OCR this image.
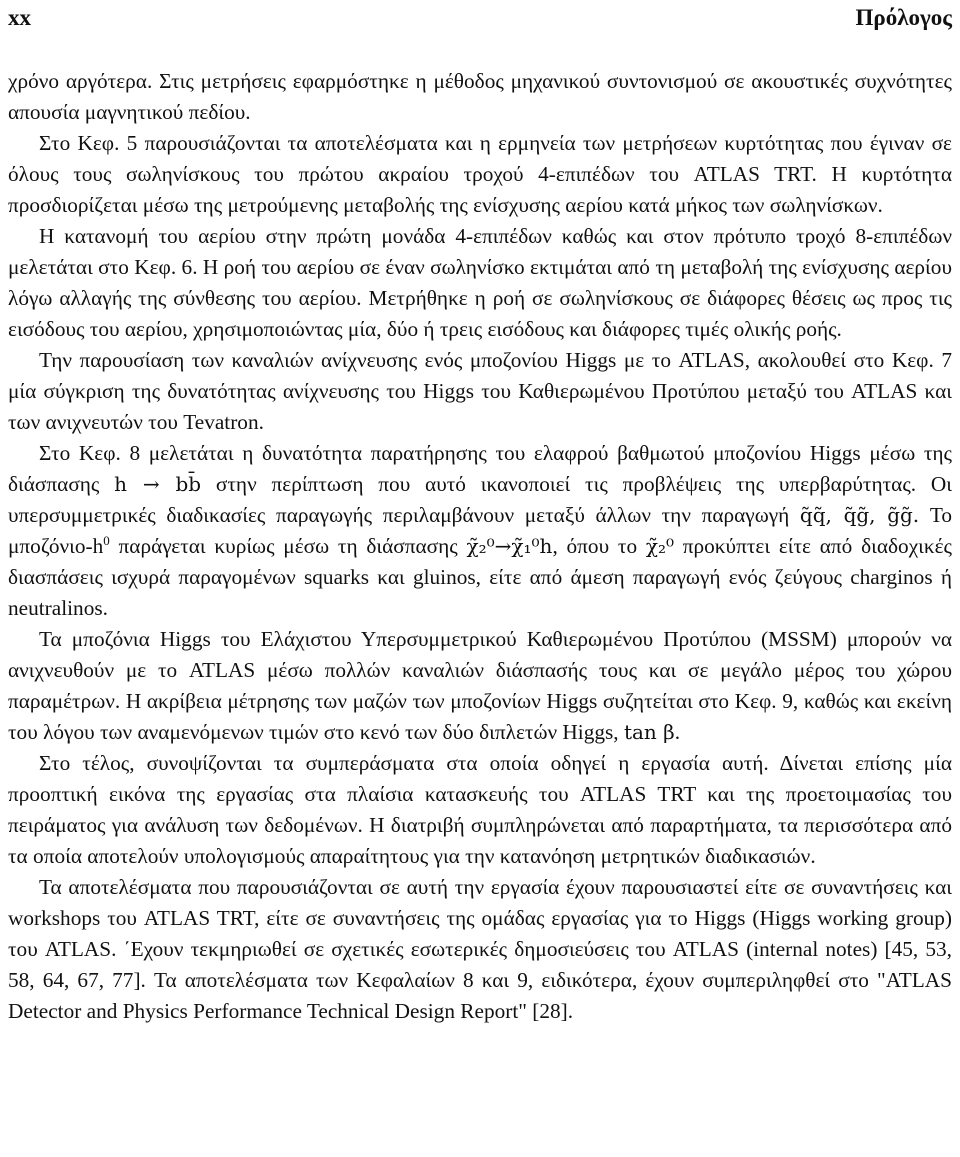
xx	Πρόλογος

χρόνο αργότερα. Στις μετρήσεις εφαρμόστηκε η μέθοδος μηχανικού συντονισμού σε ακουστικές συχνότητες απουσία μαγνητικού πεδίου.

Στο Κεφ. 5 παρουσιάζονται τα αποτελέσματα και η ερμηνεία των μετρήσεων κυρτότητας που έγιναν σε όλους τους σωληνίσκους του πρώτου ακραίου τροχού 4-επιπέδων του ATLAS TRT. Η κυρτότητα προσδιορίζεται μέσω της μετρούμενης μεταβολής της ενίσχυσης αερίου κατά μήκος των σωληνίσκων.

Η κατανομή του αερίου στην πρώτη μονάδα 4-επιπέδων καθώς και στον πρότυπο τροχό 8-επιπέδων μελετάται στο Κεφ. 6. Η ροή του αερίου σε έναν σωληνίσκο εκτιμάται από τη μεταβολή της ενίσχυσης αερίου λόγω αλλαγής της σύνθεσης του αερίου. Μετρήθηκε η ροή σε σωληνίσκους σε διάφορες θέσεις ως προς τις εισόδους του αερίου, χρησιμοποιώντας μία, δύο ή τρεις εισόδους και διάφορες τιμές ολικής ροής.

Την παρουσίαση των καναλιών ανίχνευσης ενός μποζονίου Higgs με το ATLAS, ακολουθεί στο Κεφ. 7 μία σύγκριση της δυνατότητας ανίχνευσης του Higgs του Καθιερωμένου Προτύπου μεταξύ του ATLAS και των ανιχνευτών του Tevatron.

Στο Κεφ. 8 μελετάται η δυνατότητα παρατήρησης του ελαφρού βαθμωτού μποζονίου Higgs μέσω της διάσπασης h → bb̄ στην περίπτωση που αυτό ικανοποιεί τις προβλέψεις της υπερβαρύτητας. Οι υπερσυμμετρικές διαδικασίες παραγωγής περιλαμβάνουν μεταξύ άλλων την παραγωγή q̃q̃, q̃g̃, g̃g̃. Το μποζόνιο-$h^0$ παράγεται κυρίως μέσω τη διάσπασης χ̃₂⁰→χ̃₁⁰h, όπου το χ̃₂⁰ προκύπτει είτε από διαδοχικές διασπάσεις ισχυρά παραγομένων squarks και gluinos, είτε από άμεση παραγωγή ενός ζεύγους charginos ή neutralinos.

Τα μποζόνια Higgs του Ελάχιστου Υπερσυμμετρικού Καθιερωμένου Προτύπου (MSSM) μπορούν να ανιχνευθούν με το ATLAS μέσω πολλών καναλιών διάσπασής τους και σε μεγάλο μέρος του χώρου παραμέτρων. Η ακρίβεια μέτρησης των μαζών των μποζονίων Higgs συζητείται στο Κεφ. 9, καθώς και εκείνη του λόγου των αναμενόμενων τιμών στο κενό των δύο διπλετών Higgs, tan β.

Στο τέλος, συνοψίζονται τα συμπεράσματα στα οποία οδηγεί η εργασία αυτή. Δίνεται επίσης μία προοπτική εικόνα της εργασίας στα πλαίσια κατασκευής του ATLAS TRT και της προετοιμασίας του πειράματος για ανάλυση των δεδομένων. Η διατριβή συμπληρώνεται από παραρτήματα, τα περισσότερα από τα οποία αποτελούν υπολογισμούς απαραίτητους για την κατανόηση μετρητικών διαδικασιών.

Τα αποτελέσματα που παρουσιάζονται σε αυτή την εργασία έχουν παρουσιαστεί είτε σε συναντήσεις και workshops του ATLAS TRT, είτε σε συναντήσεις της ομάδας εργασίας για το Higgs (Higgs working group) του ATLAS. ΄Εχουν τεκμηριωθεί σε σχετικές εσωτερικές δημοσιεύσεις του ATLAS (internal notes) [45, 53, 58, 64, 67, 77]. Τα αποτελέσματα των Κεφαλαίων 8 και 9, ειδικότερα, έχουν συμπεριληφθεί στο "ATLAS Detector and Physics Performance Technical Design Report" [28].
